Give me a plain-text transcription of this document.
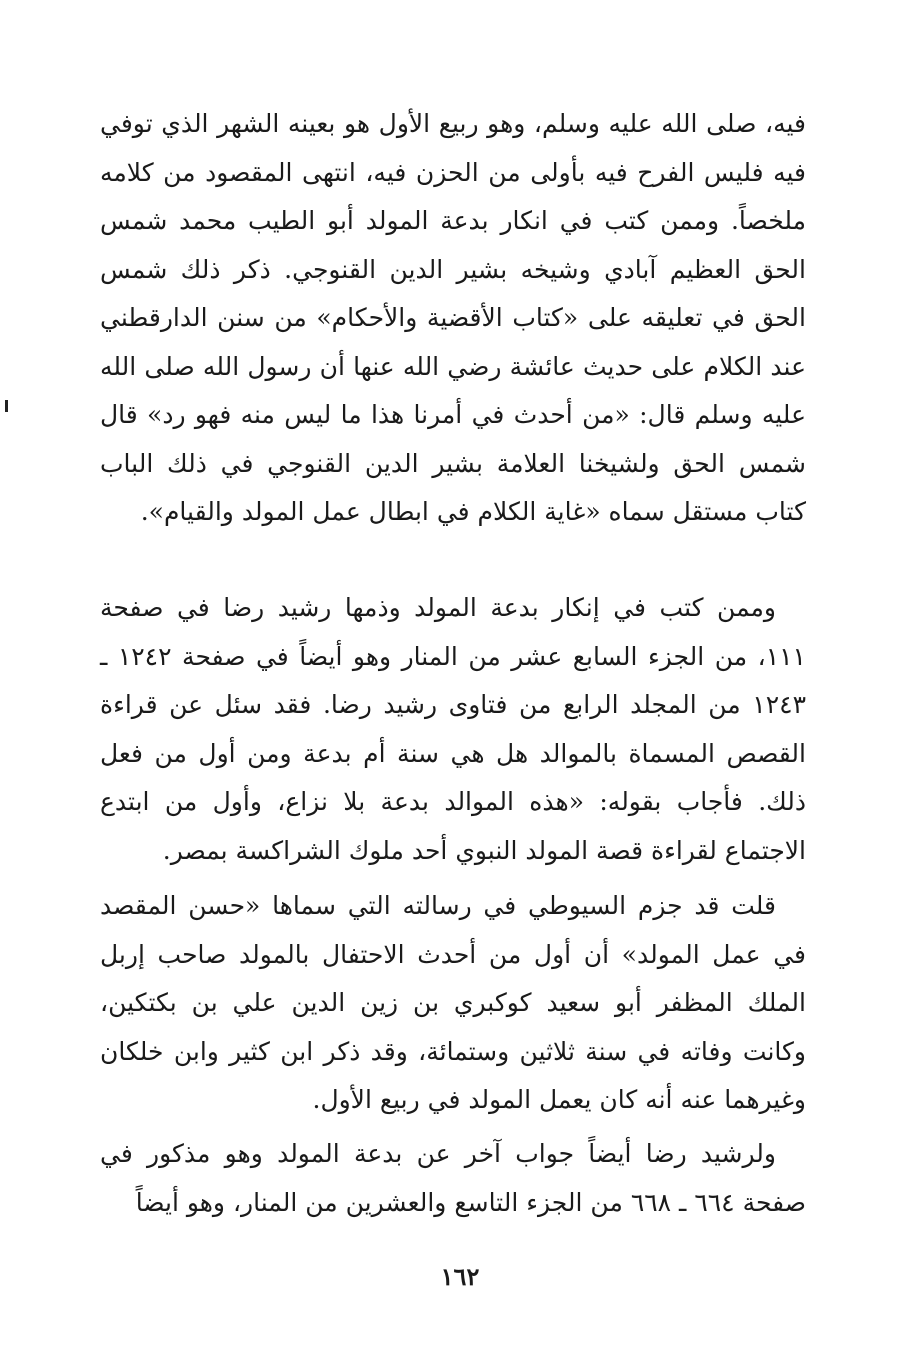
فيه، صلى الله عليه وسلم، وهو ربيع الأول هو بعينه الشهر الذي توفي فيه فليس الفرح فيه بأولى من الحزن فيه، انتهى المقصود من كلامه ملخصاً. وممن كتب في انكار بدعة المولد أبو الطيب محمد شمس الحق العظيم آبادي وشيخه بشير الدين القنوجي. ذكر ذلك شمس الحق في تعليقه على «كتاب الأقضية والأحكام» من سنن الدارقطني عند الكلام على حديث عائشة رضي الله عنها أن رسول الله صلى الله عليه وسلم قال: «من أحدث في أمرنا هذا ما ليس منه فهو رد» قال شمس الحق ولشيخنا العلامة بشير الدين القنوجي في ذلك الباب كتاب مستقل سماه «غاية الكلام في ابطال عمل المولد والقيام».

وممن كتب في إنكار بدعة المولد وذمها رشيد رضا في صفحة ١١١، من الجزء السابع عشر من المنار وهو أيضاً في صفحة ١٢٤٢ ـ ١٢٤٣ من المجلد الرابع من فتاوى رشيد رضا. فقد سئل عن قراءة القصص المسماة بالموالد هل هي سنة أم بدعة ومن أول من فعل ذلك. فأجاب بقوله: «هذه الموالد بدعة بلا نزاع، وأول من ابتدع الاجتماع لقراءة قصة المولد النبوي أحد ملوك الشراكسة بمصر.

قلت قد جزم السيوطي في رسالته التي سماها «حسن المقصد في عمل المولد» أن أول من أحدث الاحتفال بالمولد صاحب إربل الملك المظفر أبو سعيد كوكبري بن زين الدين علي بن بكتكين، وكانت وفاته في سنة ثلاثين وستمائة، وقد ذكر ابن كثير وابن خلكان وغيرهما عنه أنه كان يعمل المولد في ربيع الأول.

ولرشيد رضا أيضاً جواب آخر عن بدعة المولد وهو مذكور في صفحة ٦٦٤ ـ ٦٦٨ من الجزء التاسع والعشرين من المنار، وهو أيضاً

١٦٢
